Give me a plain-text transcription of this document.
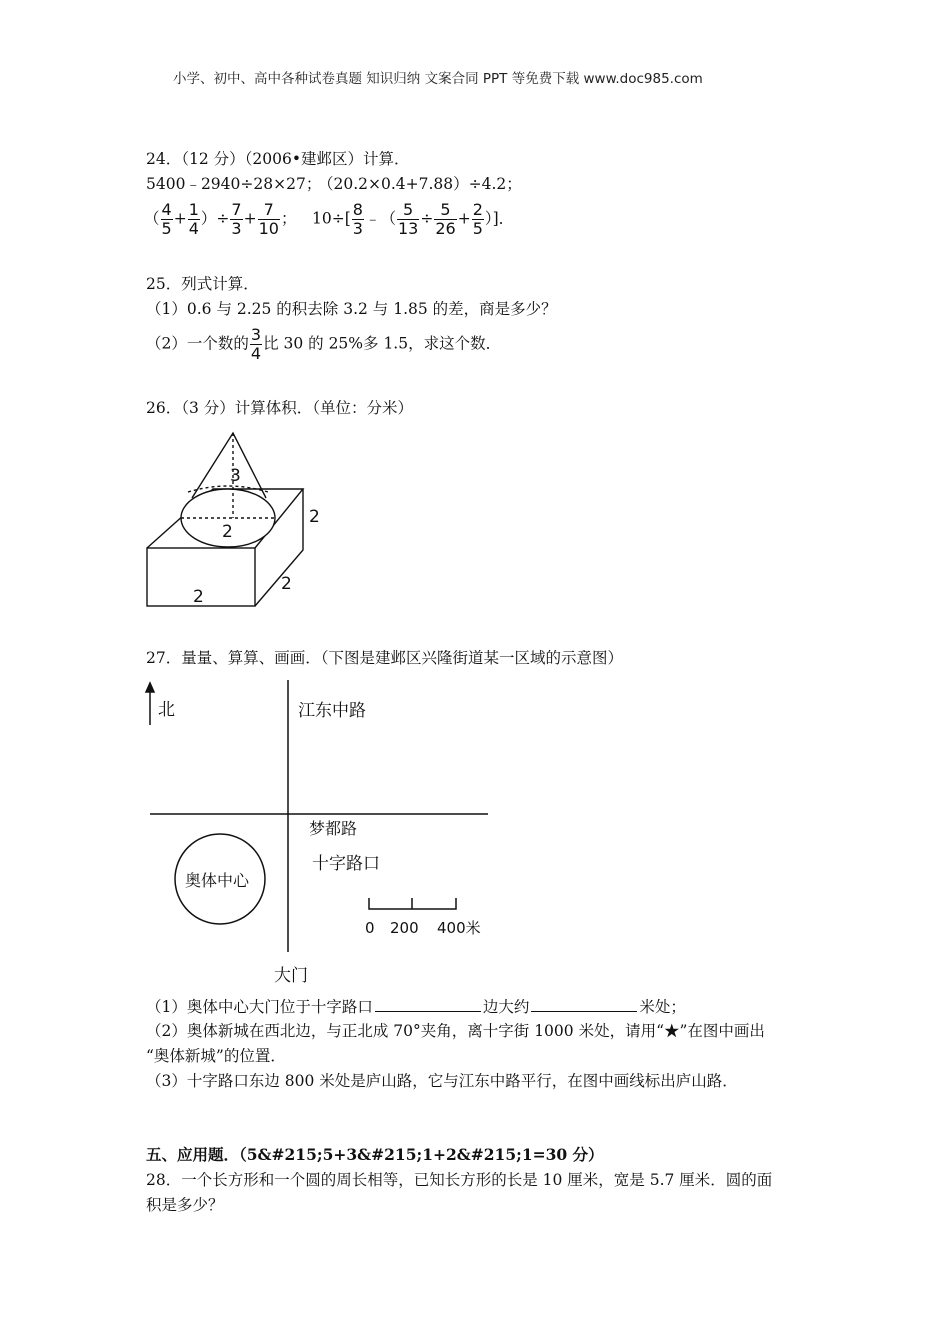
小学、初中、高中各种试卷真题 知识归纳 文案合同 PPT 等免费下载 www.doc985.com
24．（12 分）（2006•建邺区）计算．
5400﹣2940÷28×27；
（20.2×0.4+7.88）÷4.2；
（ $\frac{4}{5} + \frac{1}{4}$ ）÷ $\frac{7}{3} + \frac{7}{10}$ ； $10\div[ \frac{8}{3}$ ﹣（ $\frac{5}{13} \div \frac{5}{26} + \frac{2}{5}$ ）]．
25．列式计算．
（1）0.6 与 2.25 的积去除 3.2 与 1.85 的差，商是多少？
（2）一个数的 $\frac{3}{4}$ 比 30 的 25%多 1.5，求这个数．
26．（3 分）计算体积．（单位：分米）
3
2
2
2
2
27．量量、算算、画画．（下图是建邺区兴隆街道某一区域的示意图）
北	江东中路
梦都路
十字路口
奥体中心
0 200 400米
大门
（1）奥体中心大门位于十字路口	边大约	米处；
（2）奥体新城在西北边，与正北成 70°夹角，离十字街 1000 米处，请用“★”在图中画出
“奥体新城”的位置．
（3）十字路口东边 800 米处是庐山路，它与江东中路平行，在图中画线标出庐山路．
五、应用题．（5&#215;5+3&#215;1+2&#215;1=30 分）
28．一个长方形和一个圆的周长相等，已知长方形的长是 10 厘米，宽是 5.7 厘米．圆的面
积是多少？
